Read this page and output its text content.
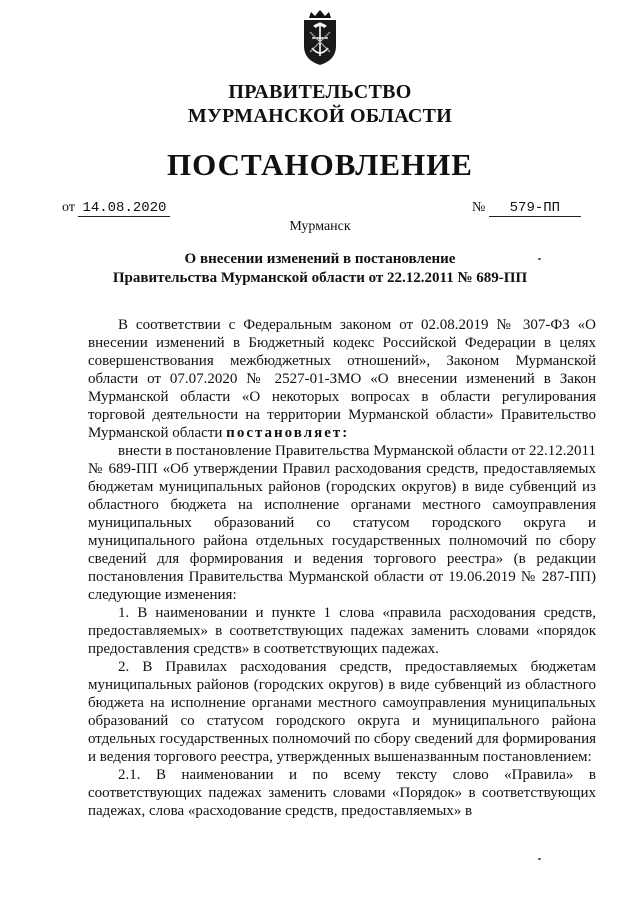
ПРАВИТЕЛЬСТВО
МУРМАНСКОЙ ОБЛАСТИ
ПОСТАНОВЛЕНИЕ
от 14.08.2020	№ 579-ПП
Мурманск
О внесении изменений в постановление
Правительства Мурманской области от 22.12.2011 № 689-ПП

В соответствии с Федеральным законом от 02.08.2019 № 307-ФЗ «О внесении изменений в Бюджетный кодекс Российской Федерации в целях совершенствования межбюджетных отношений», Законом Мурманской области от 07.07.2020 № 2527-01-ЗМО «О внесении изменений в Закон Мурманской области «О некоторых вопросах в области регулирования торговой деятельности на территории Мурманской области» Правительство Мурманской области постановляет:

внести в постановление Правительства Мурманской области от 22.12.2011 № 689-ПП «Об утверждении Правил расходования средств, предоставляемых бюджетам муниципальных районов (городских округов) в виде субвенций из областного бюджета на исполнение органами местного самоуправления муниципальных образований со статусом городского округа и муниципального района отдельных государственных полномочий по сбору сведений для формирования и ведения торгового реестра» (в редакции постановления Правительства Мурманской области от 19.06.2019 № 287-ПП) следующие изменения:

1. В наименовании и пункте 1 слова «правила расходования средств, предоставляемых» в соответствующих падежах заменить словами «порядок предоставления средств» в соответствующих падежах.

2. В Правилах расходования средств, предоставляемых бюджетам муниципальных районов (городских округов) в виде субвенций из областного бюджета на исполнение органами местного самоуправления муниципальных образований со статусом городского округа и муниципального района отдельных государственных полномочий по сбору сведений для формирования и ведения торгового реестра, утвержденных вышеназванным постановлением:

2.1. В наименовании и по всему тексту слово «Правила» в соответствующих падежах заменить словами «Порядок» в соответствующих падежах, слова «расходование средств, предоставляемых» в
